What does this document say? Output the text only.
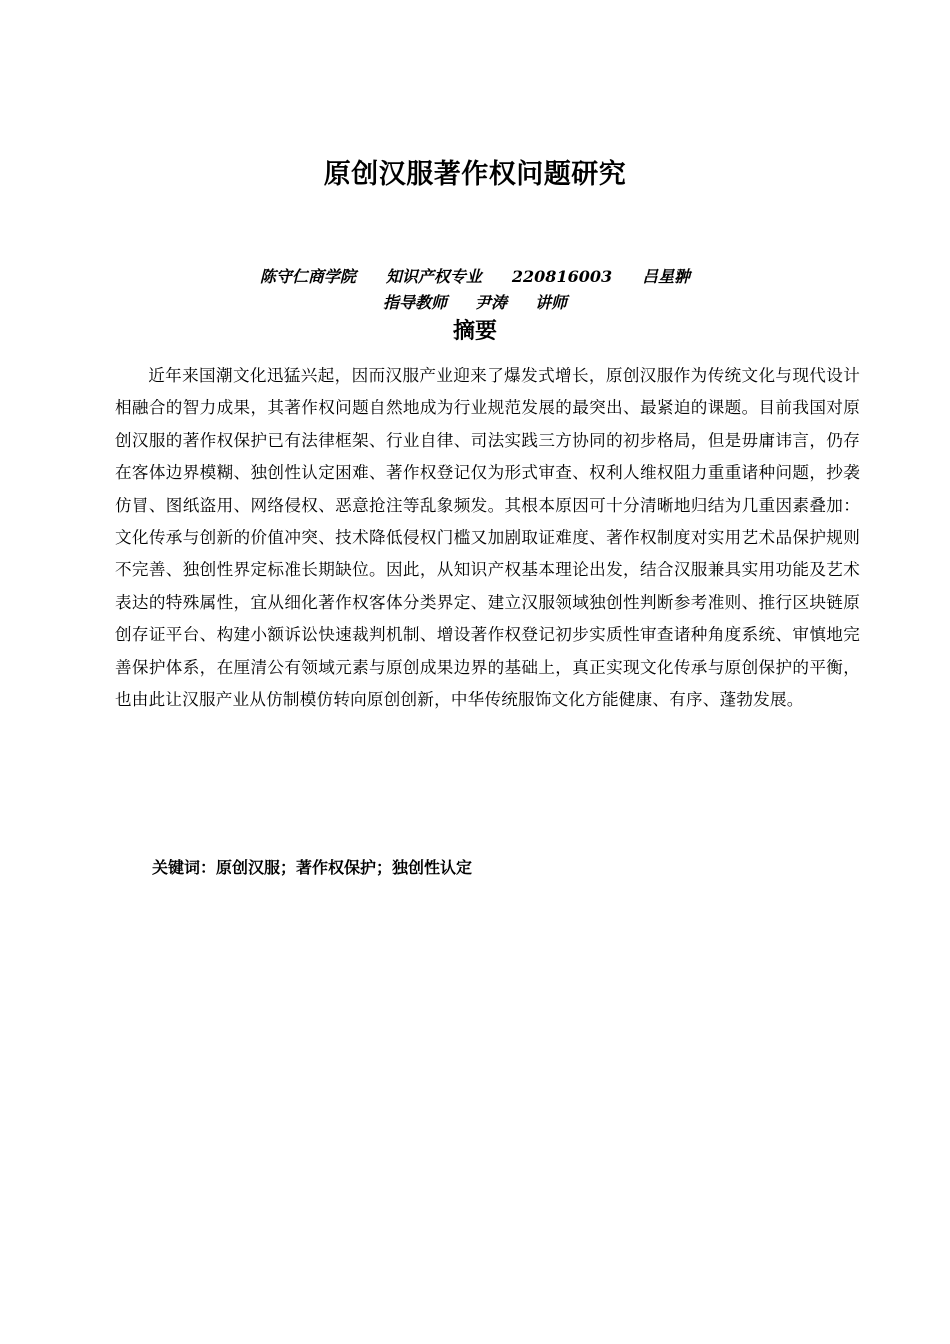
原创汉服著作权问题研究
陈守仁商学院 知识产权专业 220816003 吕星翀
指导教师 尹涛 讲师
摘要

近年来国潮文化迅猛兴起，因而汉服产业迎来了爆发式增长，原创汉服作为传统文化与现代设计相融合的智力成果，其著作权问题自然地成为行业规范发展的最突出、最紧迫的课题。目前我国对原创汉服的著作权保护已有法律框架、行业自律、司法实践三方协同的初步格局，但是毋庸讳言，仍存在客体边界模糊、独创性认定困难、著作权登记仅为形式审查、权利人维权阻力重重诸种问题，抄袭仿冒、图纸盗用、网络侵权、恶意抢注等乱象频发。其根本原因可十分清晰地归结为几重因素叠加：文化传承与创新的价值冲突、技术降低侵权门槛又加剧取证难度、著作权制度对实用艺术品保护规则不完善、独创性界定标准长期缺位。因此，从知识产权基本理论出发，结合汉服兼具实用功能及艺术表达的特殊属性，宜从细化著作权客体分类界定、建立汉服领域独创性判断参考准则、推行区块链原创存证平台、构建小额诉讼快速裁判机制、增设著作权登记初步实质性审查诸种角度系统、审慎地完善保护体系，在厘清公有领域元素与原创成果边界的基础上，真正实现文化传承与原创保护的平衡，也由此让汉服产业从仿制模仿转向原创创新，中华传统服饰文化方能健康、有序、蓬勃发展。

关键词：原创汉服；著作权保护；独创性认定
